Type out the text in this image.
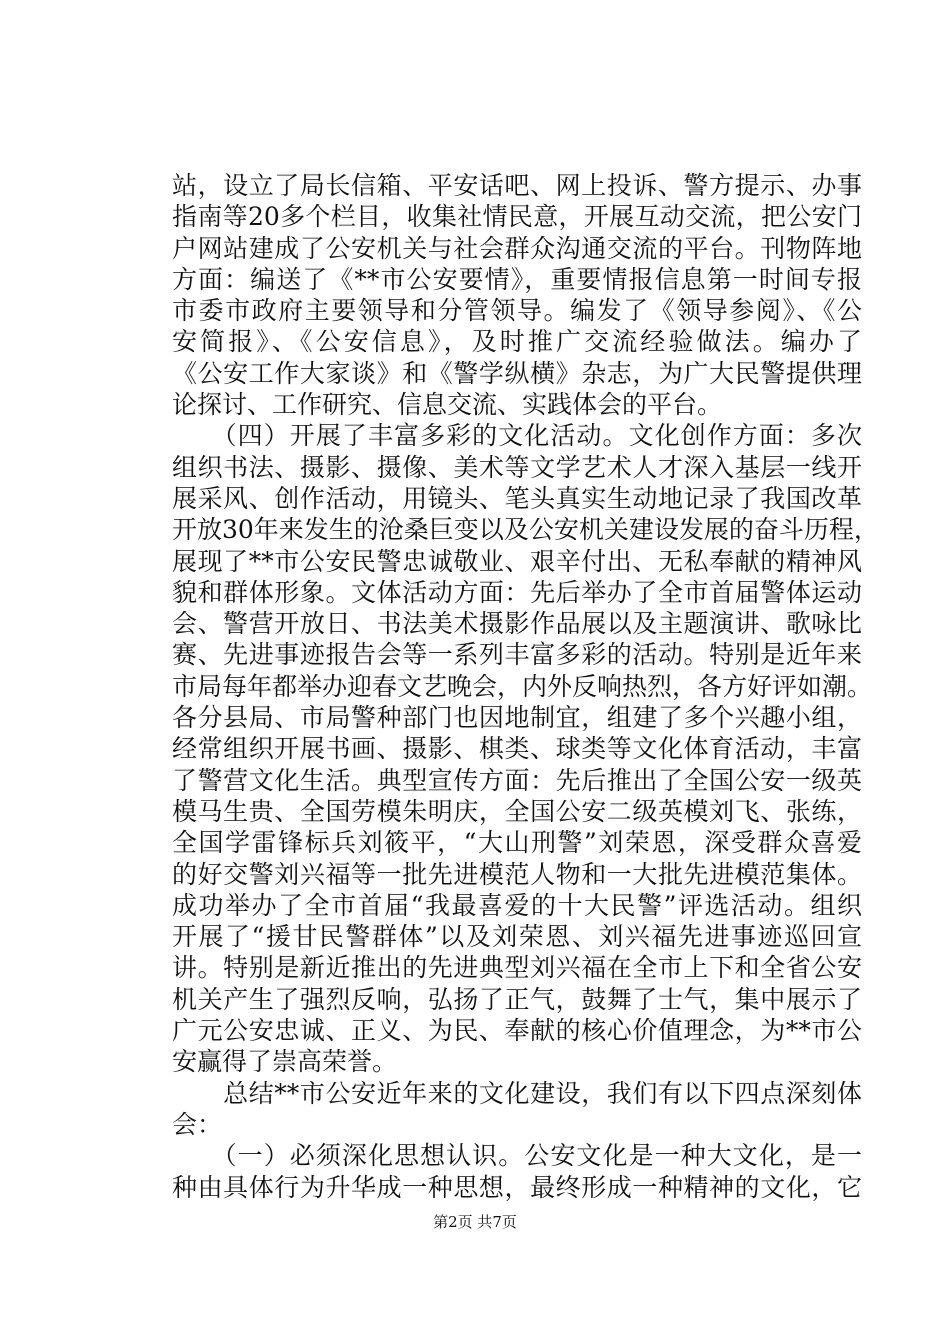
站，设立了局长信箱、平安话吧、网上投诉、警方提示、办事
指南等20多个栏目，收集社情民意，开展互动交流，把公安门
户网站建成了公安机关与社会群众沟通交流的平台。刊物阵地
方面：编送了《**市公安要情》，重要情报信息第一时间专报
市委市政府主要领导和分管领导。编发了《领导参阅》、《公
安简报》、《公安信息》，及时推广交流经验做法。编办了
《公安工作大家谈》和《警学纵横》杂志，为广大民警提供理
论探讨、工作研究、信息交流、实践体会的平台。
　　（四）开展了丰富多彩的文化活动。文化创作方面：多次
组织书法、摄影、摄像、美术等文学艺术人才深入基层一线开
展采风、创作活动，用镜头、笔头真实生动地记录了我国改革
开放30年来发生的沧桑巨变以及公安机关建设发展的奋斗历程，
展现了**市公安民警忠诚敬业、艰辛付出、无私奉献的精神风
貌和群体形象。文体活动方面：先后举办了全市首届警体运动
会、警营开放日、书法美术摄影作品展以及主题演讲、歌咏比
赛、先进事迹报告会等一系列丰富多彩的活动。特别是近年来
市局每年都举办迎春文艺晚会，内外反响热烈，各方好评如潮。
各分县局、市局警种部门也因地制宜，组建了多个兴趣小组，
经常组织开展书画、摄影、棋类、球类等文化体育活动，丰富
了警营文化生活。典型宣传方面：先后推出了全国公安一级英
模马生贵、全国劳模朱明庆，全国公安二级英模刘飞、张练，
全国学雷锋标兵刘筱平，“大山刑警”刘荣恩，深受群众喜爱
的好交警刘兴福等一批先进模范人物和一大批先进模范集体。
成功举办了全市首届“我最喜爱的十大民警”评选活动。组织
开展了“援甘民警群体”以及刘荣恩、刘兴福先进事迹巡回宣
讲。特别是新近推出的先进典型刘兴福在全市上下和全省公安
机关产生了强烈反响，弘扬了正气，鼓舞了士气，集中展示了
广元公安忠诚、正义、为民、奉献的核心价值理念，为**市公
安赢得了崇高荣誉。
　　总结**市公安近年来的文化建设，我们有以下四点深刻体
会：
　　（一）必须深化思想认识。公安文化是一种大文化，是一
种由具体行为升华成一种思想，最终形成一种精神的文化，它
第2页 共7页
